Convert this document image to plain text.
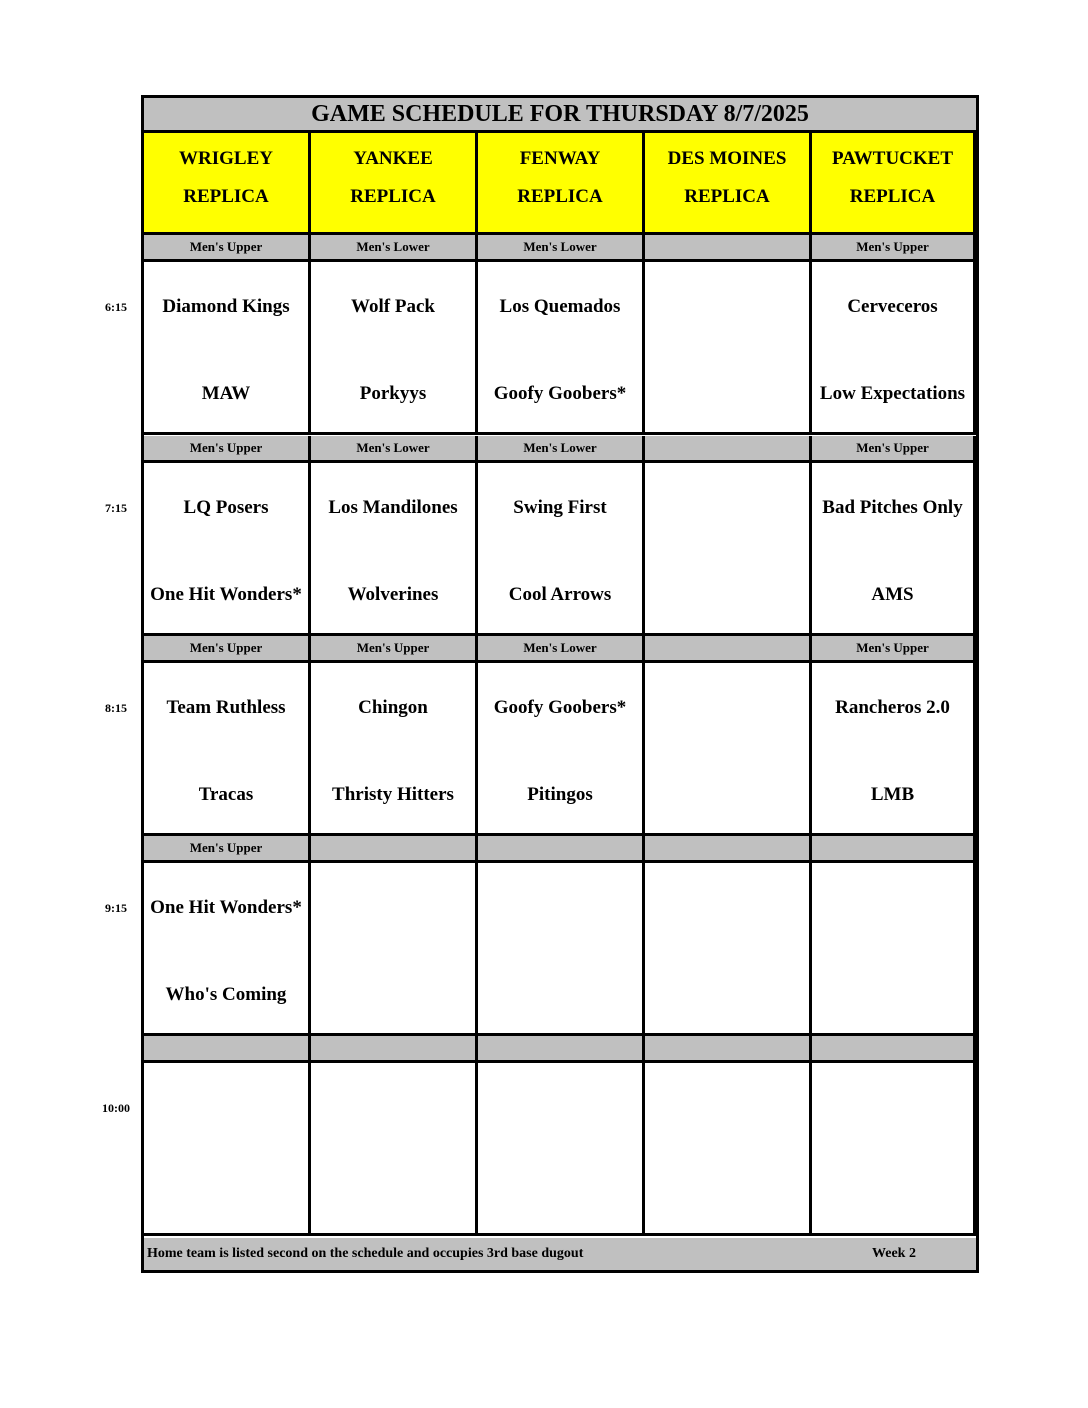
GAME SCHEDULE FOR THURSDAY 8/7/2025
WRIGLEY
REPLICA
YANKEE
REPLICA
FENWAY
REPLICA
DES MOINES
REPLICA
PAWTUCKET
REPLICA
Men's Upper
Diamond Kings
MAW
Men's Lower
Wolf Pack
Porkyys
Men's Lower
Los Quemados
Goofy Goobers*
Men's Upper
Cerveceros
Low Expectations
Men's Upper
LQ Posers
One Hit Wonders*
Men's Lower
Los Mandilones
Wolverines
Men's Lower
Swing First
Cool Arrows
Men's Upper
Bad Pitches Only
AMS
Men's Upper
Team Ruthless
Tracas
Men's Upper
Chingon
Thristy Hitters
Men's Lower
Goofy Goobers*
Pitingos
Men's Upper
Rancheros 2.0
LMB
Men's Upper
One Hit Wonders*
Who's Coming
Home team is listed second on the schedule and occupies 3rd base dugout	Week 2
6:15
7:15
8:15
9:15
10:00
